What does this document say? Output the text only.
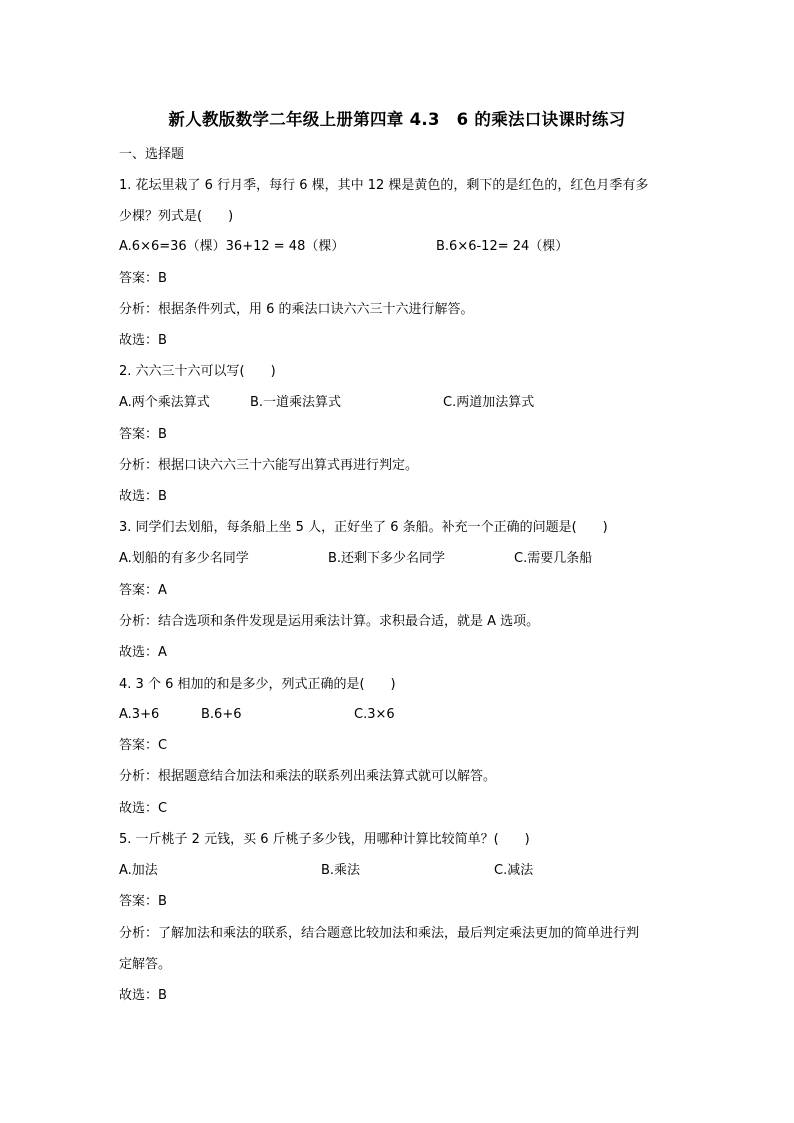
新人教版数学二年级上册第四章 4.3　6 的乘法口诀课时练习
一、选择题
1. 花坛里栽了 6 行月季，每行 6 棵，其中 12 棵是黄色的，剩下的是红色的，红色月季有多
少棵？列式是(　　)
A.6×6=36（棵）36+12 = 48（棵）	B.6×6-12= 24（棵）
答案：B
分析：根据条件列式，用 6 的乘法口诀六六三十六进行解答。
故选：B
2. 六六三十六可以写(　　)
A.两个乘法算式	B.一道乘法算式	C.两道加法算式
答案：B
分析：根据口诀六六三十六能写出算式再进行判定。
故选：B
3. 同学们去划船，每条船上坐 5 人，正好坐了 6 条船。补充一个正确的问题是(　　)
A.划船的有多少名同学	B.还剩下多少名同学	C.需要几条船
答案：A
分析：结合选项和条件发现是运用乘法计算。求积最合适，就是 A 选项。
故选：A
4. 3 个 6 相加的和是多少，列式正确的是(　　)
A.3+6	B.6+6	C.3×6
答案：C
分析：根据题意结合加法和乘法的联系列出乘法算式就可以解答。
故选：C
5. 一斤桃子 2 元钱，买 6 斤桃子多少钱，用哪种计算比较简单？(　　)
A.加法	B.乘法	C.减法
答案：B
分析：了解加法和乘法的联系，结合题意比较加法和乘法，最后判定乘法更加的简单进行判
定解答。
故选：B
